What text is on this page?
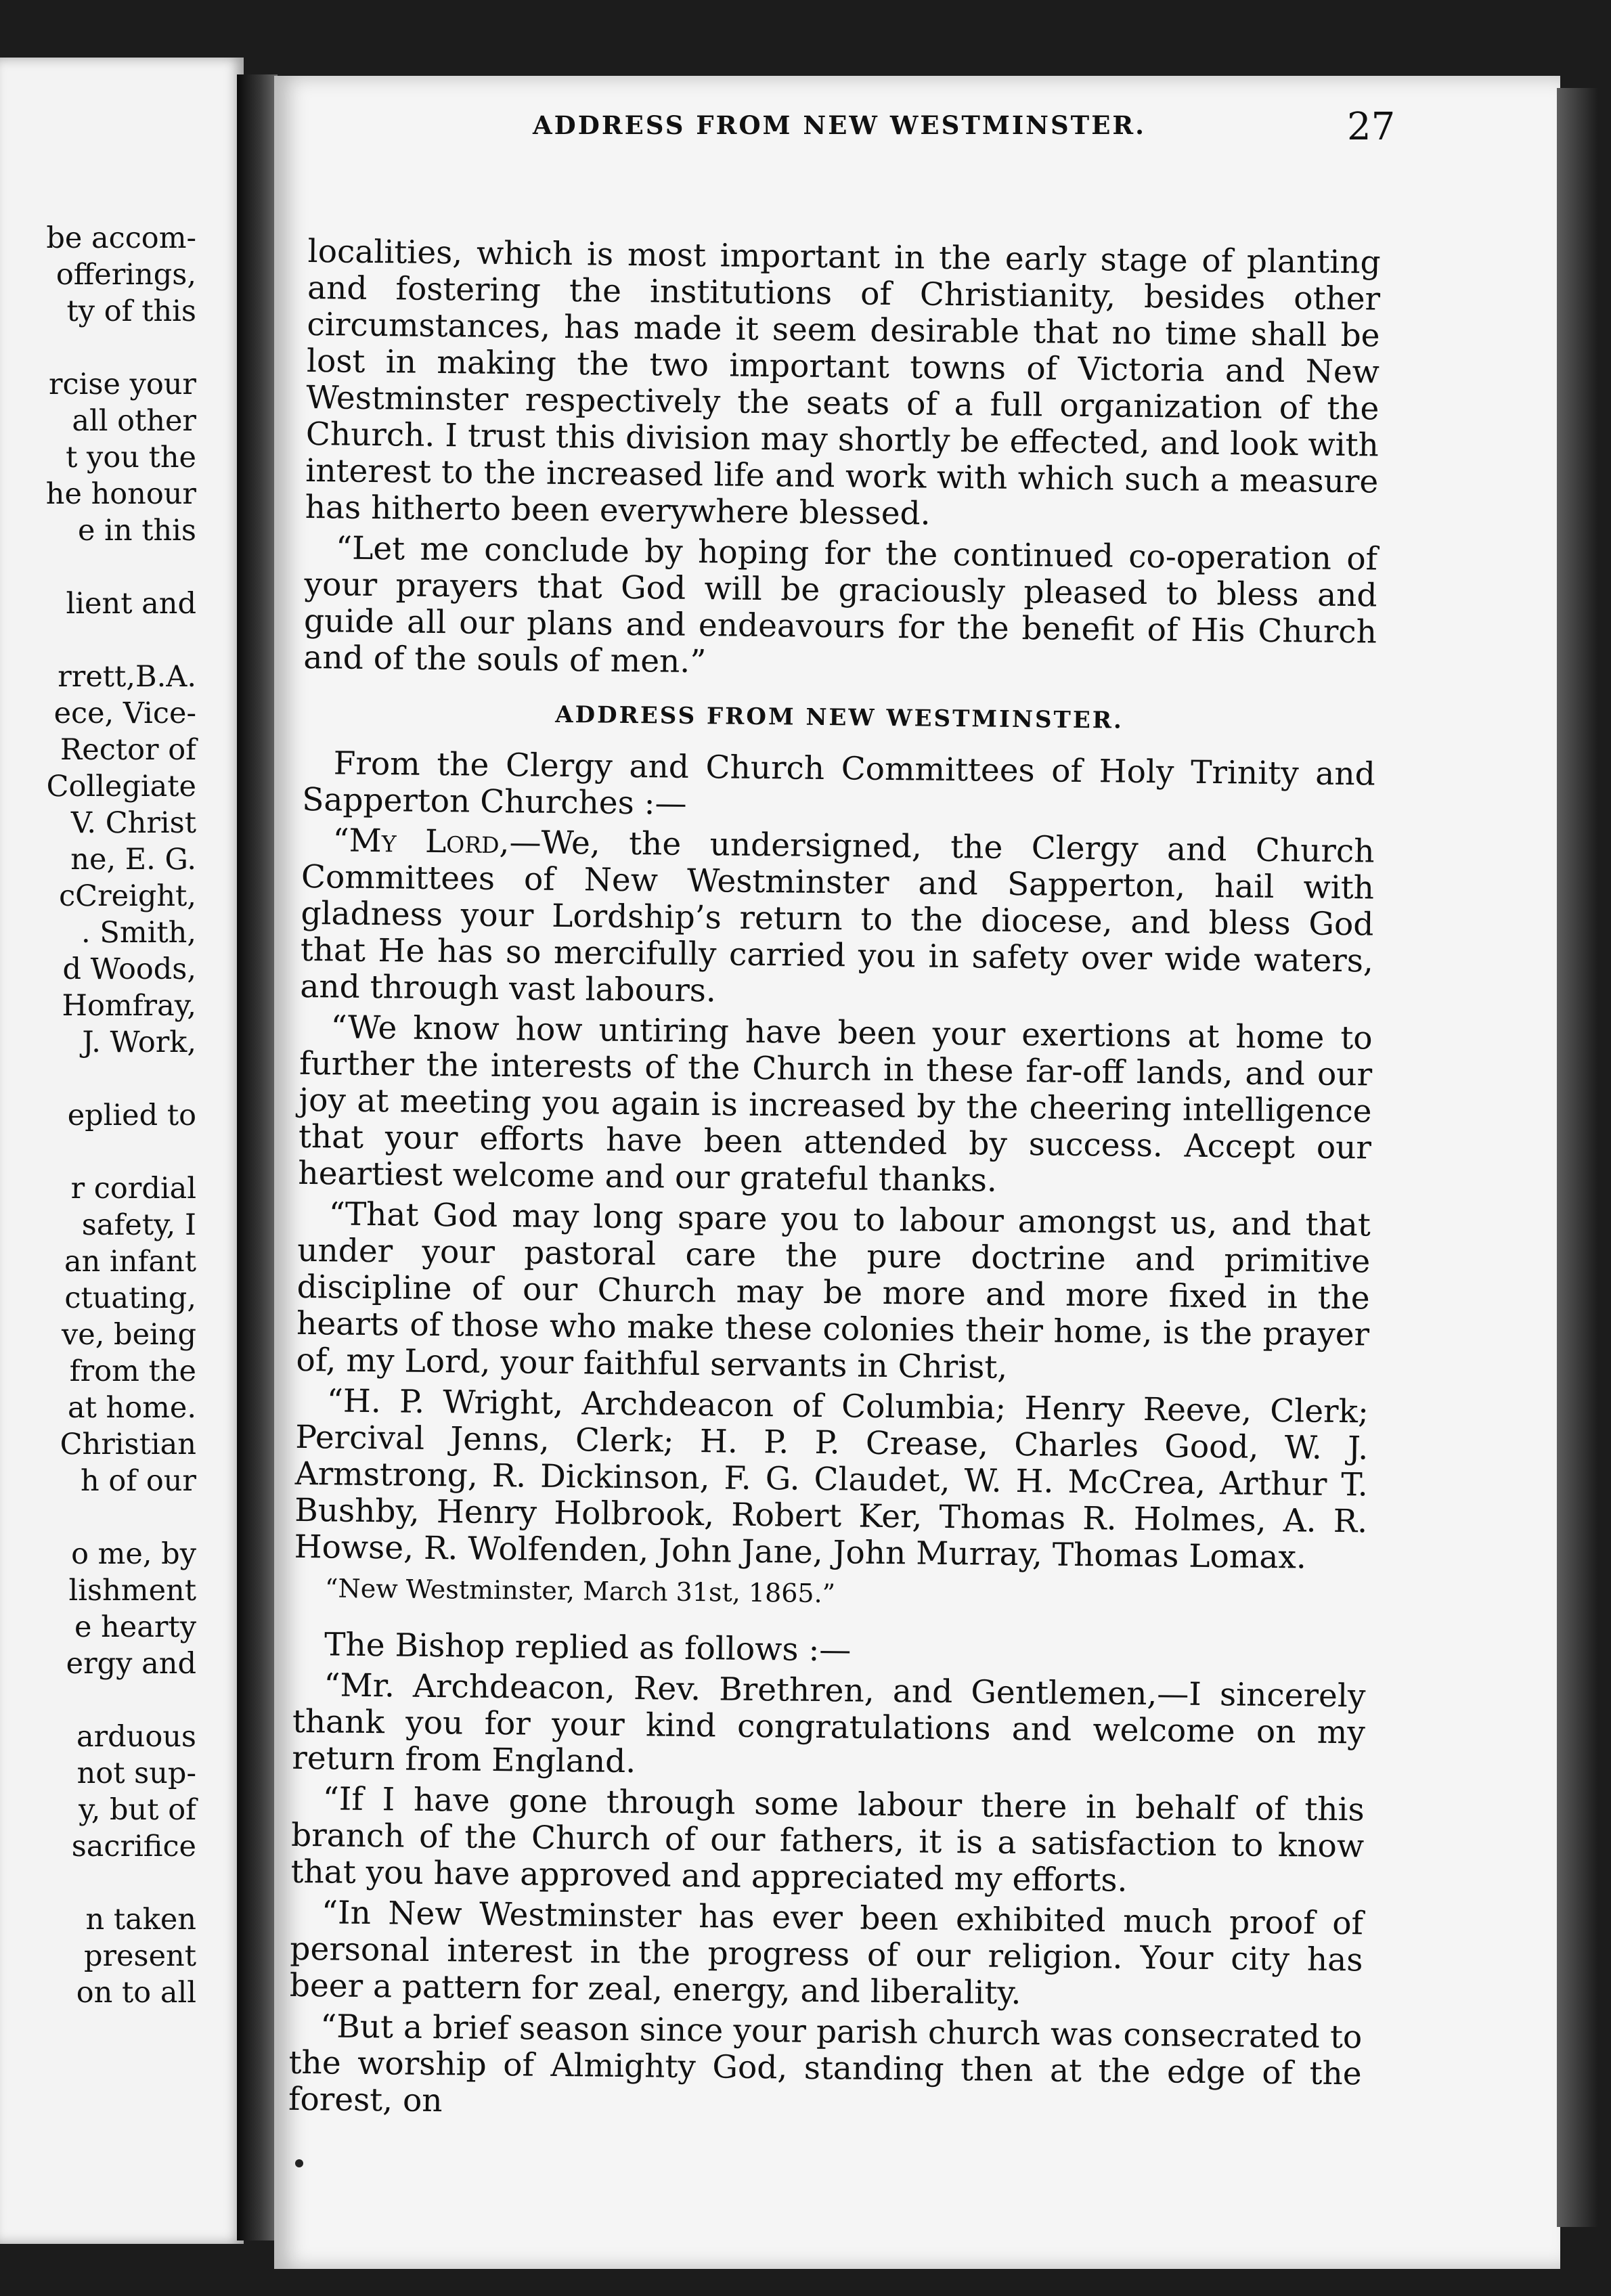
be accom-
offerings,
ty of this
rcise your
all other
t you the
he honour
e in this
lient and
rrett,B.A.
ece, Vice-
Rector of
Collegiate
V. Christ
ne, E. G.
cCreight,
. Smith,
d Woods,
Homfray,
J. Work,
eplied to
r cordial
safety, I
an infant
ctuating,
ve, being
from the
at home.
Christian
h of our
o me, by
lishment
e hearty
ergy and
arduous
not sup-
y, but of
sacrifice
n taken
present
on to all
ADDRESS FROM NEW WESTMINSTER.	27

localities, which is most important in the early stage of planting and fostering the institutions of Christianity, besides other circumstances, has made it seem desirable that no time shall be lost in making the two important towns of Victoria and New Westminster respectively the seats of a full organization of the Church. I trust this division may shortly be effected, and look with interest to the increased life and work with which such a measure has hitherto been everywhere blessed.

“Let me conclude by hoping for the continued co-operation of your prayers that God will be graciously pleased to bless and guide all our plans and endeavours for the benefit of His Church and of the souls of men.”

ADDRESS FROM NEW WESTMINSTER.

From the Clergy and Church Committees of Holy Trinity and Sapperton Churches :—

“My Lord,—We, the undersigned, the Clergy and Church Committees of New Westminster and Sapperton, hail with gladness your Lordship’s return to the diocese, and bless God that He has so mercifully carried you in safety over wide waters, and through vast labours.

“We know how untiring have been your exertions at home to further the interests of the Church in these far-off lands, and our joy at meeting you again is increased by the cheering intelligence that your efforts have been attended by success. Accept our heartiest welcome and our grateful thanks.

“That God may long spare you to labour amongst us, and that under your pastoral care the pure doctrine and primitive discipline of our Church may be more and more fixed in the hearts of those who make these colonies their home, is the prayer of, my Lord, your faithful servants in Christ,

“H. P. Wright, Archdeacon of Columbia; Henry Reeve, Clerk; Percival Jenns, Clerk; H. P. P. Crease, Charles Good, W. J. Armstrong, R. Dickinson, F. G. Claudet, W. H. McCrea, Arthur T. Bushby, Henry Holbrook, Robert Ker, Thomas R. Holmes, A. R. Howse, R. Wolfenden, John Jane, John Murray, Thomas Lomax.

“New Westminster, March 31st, 1865.”

The Bishop replied as follows :—

“Mr. Archdeacon, Rev. Brethren, and Gentlemen,—I sincerely thank you for your kind congratulations and welcome on my return from England.

“If I have gone through some labour there in behalf of this branch of the Church of our fathers, it is a satisfaction to know that you have approved and appreciated my efforts.

“In New Westminster has ever been exhibited much proof of personal interest in the progress of our religion. Your city has beer a pattern for zeal, energy, and liberality.

“But a brief season since your parish church was consecrated to the worship of Almighty God, standing then at the edge of the forest, on
